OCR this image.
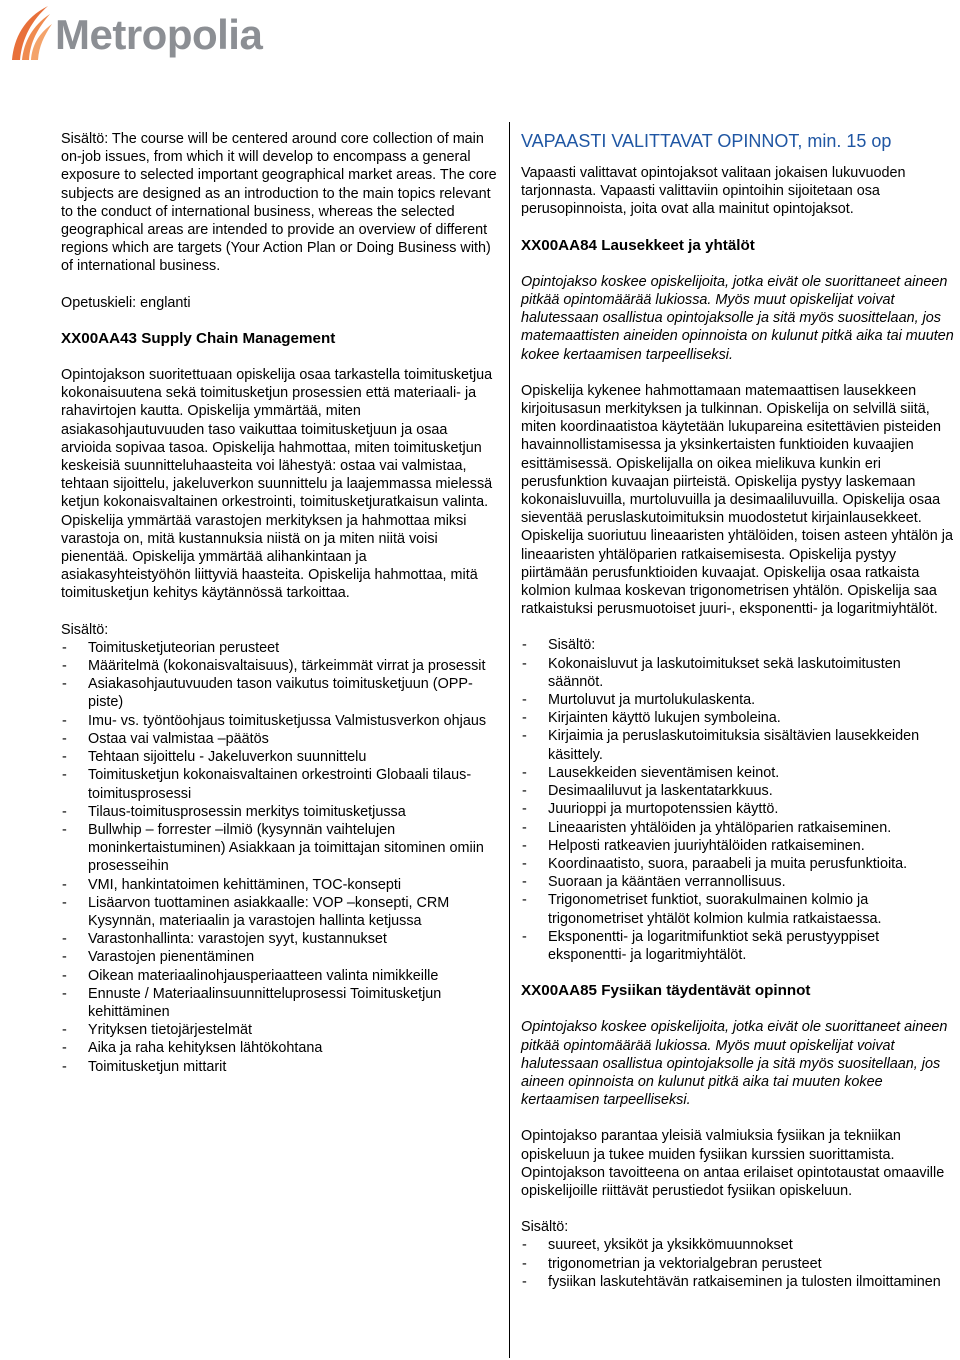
Metropolia

Sisältö: The course will be centered around core collection of main on-job issues, from which it will develop to encompass a general exposure to selected important geographical market areas. The core subjects are designed as an introduction to the main topics relevant to the conduct of international business, whereas the selected geographical areas are intended to provide an overview of different regions which are targets (Your Action Plan or Doing Business with) of international business.

Opetuskieli: englanti

XX00AA43 Supply Chain Management

Opintojakson suoritettuaan opiskelija osaa tarkastella toimitusketjua kokonaisuutena sekä toimitusketjun prosessien että materiaali- ja rahavirtojen kautta. Opiskelija ymmärtää, miten asiakasohjautuvuuden taso vaikuttaa toimitusketjuun ja osaa arvioida sopivaa tasoa. Opiskelija hahmottaa, miten toimitusketjun keskeisiä suunnitteluhaasteita voi lähestyä: ostaa vai valmistaa, tehtaan sijoittelu, jakeluverkon suunnittelu ja laajemmassa mielessä ketjun kokonaisvaltainen orkestrointi, toimitusketjuratkaisun valinta. Opiskelija ymmärtää varastojen merkityksen ja hahmottaa miksi varastoja on, mitä kustannuksia niistä on ja miten niitä voisi pienentää. Opiskelija ymmärtää alihankintaan ja asiakasyhteistyöhön liittyviä haasteita. Opiskelija hahmottaa, mitä toimitusketjun kehitys käytännössä tarkoittaa.

Sisältö:

- Toimitusketjuteorian perusteet
- Määritelmä (kokonaisvaltaisuus), tärkeimmät virrat ja prosessit
- Asiakasohjautuvuuden tason vaikutus toimitusketjuun (OPP-piste)
- Imu- vs. työntöohjaus toimitusketjussa Valmistusverkon ohjaus
- Ostaa vai valmistaa –päätös
- Tehtaan sijoittelu - Jakeluverkon suunnittelu
- Toimitusketjun kokonaisvaltainen orkestrointi Globaali tilaus-toimitusprosessi
- Tilaus-toimitusprosessin merkitys toimitusketjussa
- Bullwhip – forrester –ilmiö (kysynnän vaihtelujen moninkertaistuminen) Asiakkaan ja toimittajan sitominen omiin prosesseihin
- VMI, hankintatoimen kehittäminen, TOC-konsepti
- Lisäarvon tuottaminen asiakkaalle: VOP –konsepti, CRM Kysynnän, materiaalin ja varastojen hallinta ketjussa
- Varastonhallinta: varastojen syyt, kustannukset
- Varastojen pienentäminen
- Oikean materiaalinohjausperiaatteen valinta nimikkeille
- Ennuste / Materiaalinsuunnitteluprosessi Toimitusketjun kehittäminen
- Yrityksen tietojärjestelmät
- Aika ja raha kehityksen lähtökohtana
- Toimitusketjun mittarit

VAPAASTI VALITTAVAT OPINNOT, min. 15 op

Vapaasti valittavat opintojaksot valitaan jokaisen lukuvuoden tarjonnasta. Vapaasti valittaviin opintoihin sijoitetaan osa perusopinnoista, joita ovat alla mainitut opintojaksot.

XX00AA84 Lausekkeet ja yhtälöt

Opintojakso koskee opiskelijoita, jotka eivät ole suorittaneet aineen pitkää opintomäärää lukiossa. Myös muut opiskelijat voivat halutessaan osallistua opintojaksolle ja sitä myös suosittelaan, jos matemaattisten aineiden opinnoista on kulunut pitkä aika tai muuten kokee kertaamisen tarpeelliseksi.

Opiskelija kykenee hahmottamaan matemaattisen lausekkeen kirjoitusasun merkityksen ja tulkinnan. Opiskelija on selvillä siitä, miten koordinaatistoa käytetään lukupareina esitettävien pisteiden havainnollistamisessa ja yksinkertaisten funktioiden kuvaajien esittämisessä. Opiskelijalla on oikea mielikuva kunkin eri perusfunktion kuvaajan piirteistä. Opiskelija pystyy laskemaan kokonaisluvuilla, murtoluvuilla ja desimaaliluvuilla. Opiskelija osaa sieventää peruslaskutoimituksin muodostetut kirjainlausekkeet. Opiskelija suoriutuu lineaaristen yhtälöiden, toisen asteen yhtälön ja lineaaristen yhtälöparien ratkaisemisesta. Opiskelija pystyy piirtämään perusfunktioiden kuvaajat. Opiskelija osaa ratkaista kolmion kulmaa koskevan trigonometrisen yhtälön. Opiskelija saa ratkaistuksi perusmuotoiset juuri-, eksponentti- ja logaritmiyhtälöt.

- Sisältö:
- Kokonaisluvut ja laskutoimitukset sekä laskutoimitusten säännöt.
- Murtoluvut ja murtolukulaskenta.
- Kirjainten käyttö lukujen symboleina.
- Kirjaimia ja peruslaskutoimituksia sisältävien lausekkeiden käsittely.
- Lausekkeiden sieventämisen keinot.
- Desimaaliluvut ja laskentatarkkuus.
- Juurioppi ja murtopotenssien käyttö.
- Lineaaristen yhtälöiden ja yhtälöparien ratkaiseminen.
- Helposti ratkeavien juuriyhtälöiden ratkaiseminen.
- Koordinaatisto, suora, paraabeli ja muita perusfunktioita.
- Suoraan ja kääntäen verrannollisuus.
- Trigonometriset funktiot, suorakulmainen kolmio ja trigonometriset yhtälöt kolmion kulmia ratkaistaessa.
- Eksponentti- ja logaritmifunktiot sekä perustyyppiset eksponentti- ja logaritmiyhtälöt.

XX00AA85 Fysiikan täydentävät opinnot

Opintojakso koskee opiskelijoita, jotka eivät ole suorittaneet aineen pitkää opintomäärää lukiossa. Myös muut opiskelijat voivat halutessaan osallistua opintojaksolle ja sitä myös suositellaan, jos aineen opinnoista on kulunut pitkä aika tai muuten kokee kertaamisen tarpeelliseksi.

Opintojakso parantaa yleisiä valmiuksia fysiikan ja tekniikan opiskeluun ja tukee muiden fysiikan kurssien suorittamista. Opintojakson tavoitteena on antaa erilaiset opintotaustat omaaville opiskelijoille riittävät perustiedot fysiikan opiskeluun.

Sisältö:

- suureet, yksiköt ja yksikkömuunnokset
- trigonometrian ja vektorialgebran perusteet
- fysiikan laskutehtävän ratkaiseminen ja tulosten ilmoittaminen
